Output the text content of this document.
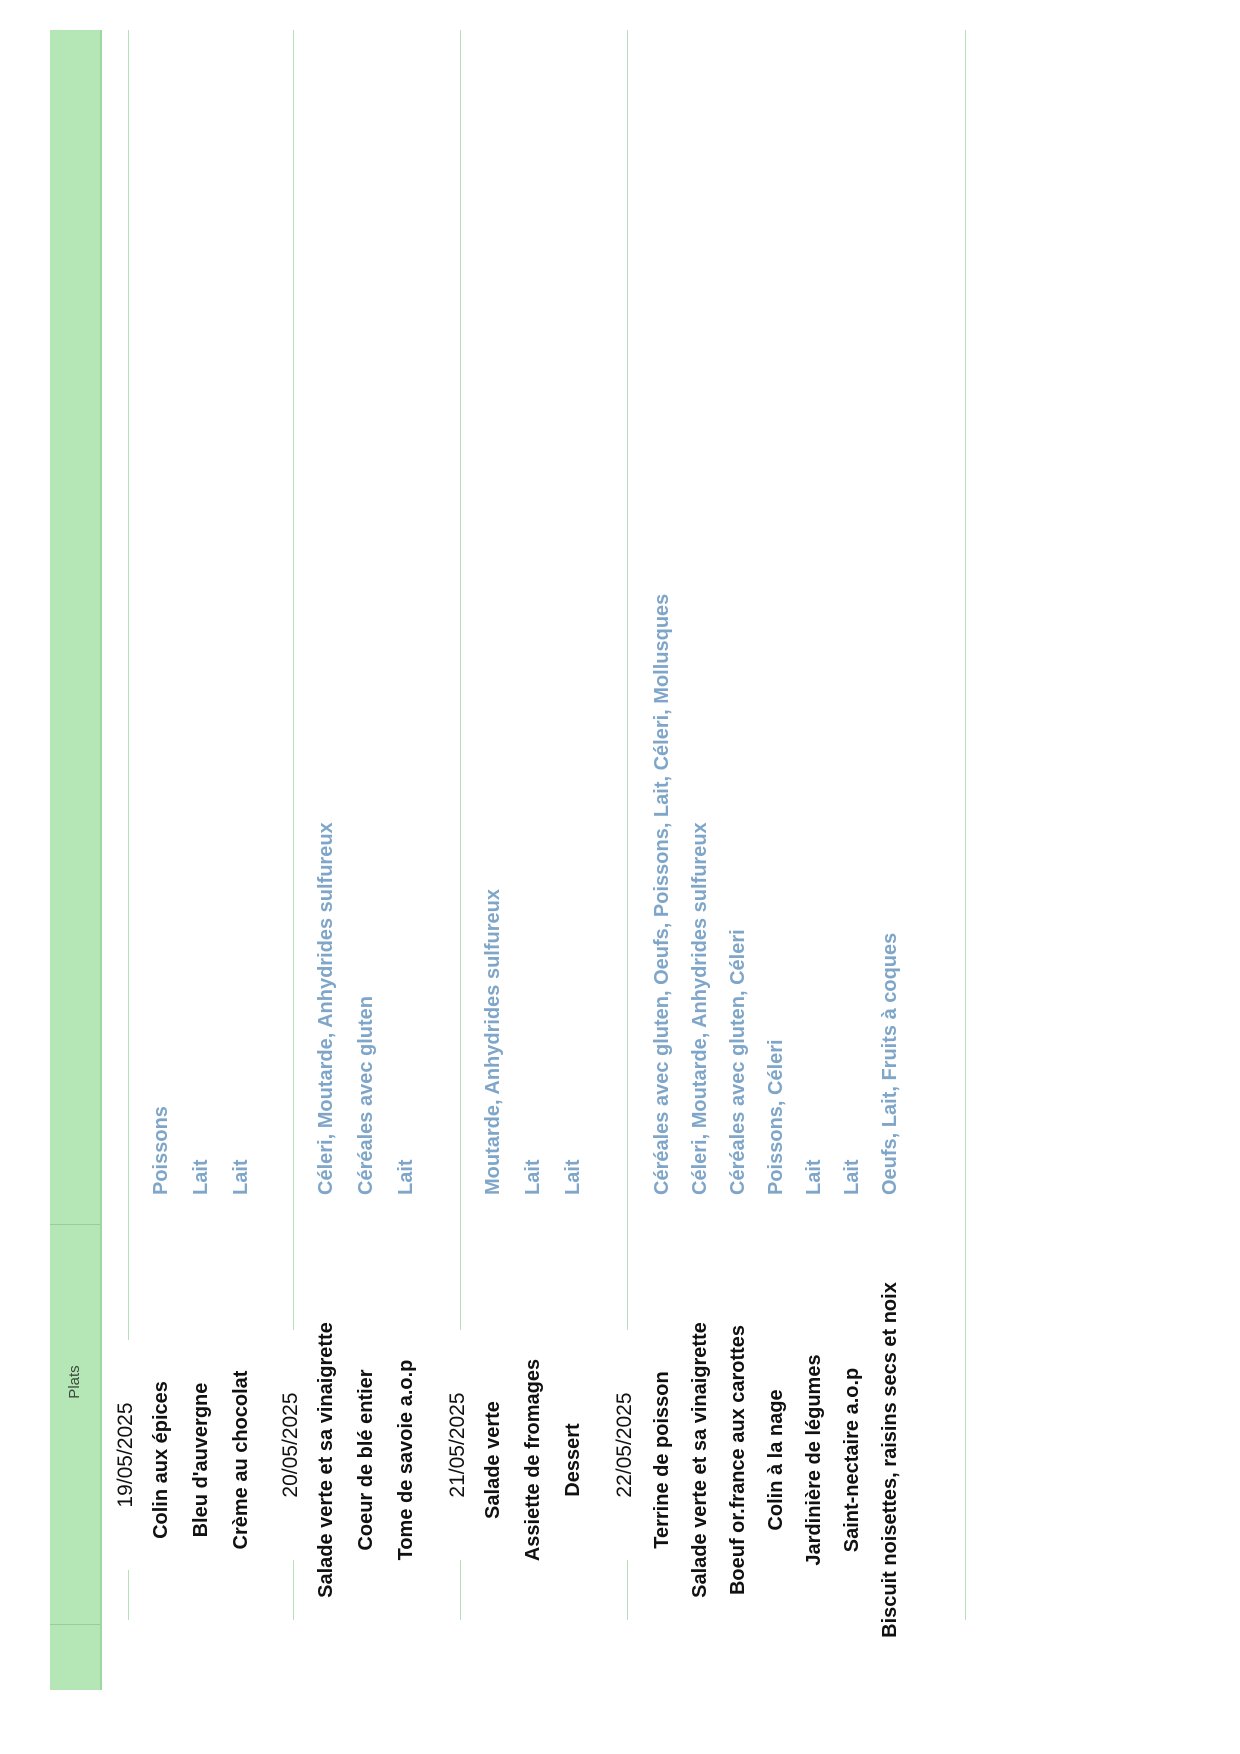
Plats
19/05/2025 Colin aux épices
Poissons
Bleu d'auvergne
Lait
Crème au chocolat
Lait
20/05/2025 Salade verte et sa vinaigrette
Céleri, Moutarde, Anhydrides sulfureux
Coeur de blé entier
Céréales avec gluten
Tome de savoie a.o.p
Lait
21/05/2025 Salade verte
Moutarde, Anhydrides sulfureux
Assiette de fromages
Lait
Dessert
Lait
22/05/2025 Terrine de poisson
Céréales avec gluten, Oeufs, Poissons, Lait, Céleri, Mollusques
Salade verte et sa vinaigrette
Céleri, Moutarde, Anhydrides sulfureux
Boeuf or.france aux carottes
Céréales avec gluten, Céleri
Colin à la nage
Poissons, Céleri
Jardinière de légumes
Lait
Saint-nectaire a.o.p
Lait
Biscuit noisettes, raisins secs et noix
Oeufs, Lait, Fruits à coques
